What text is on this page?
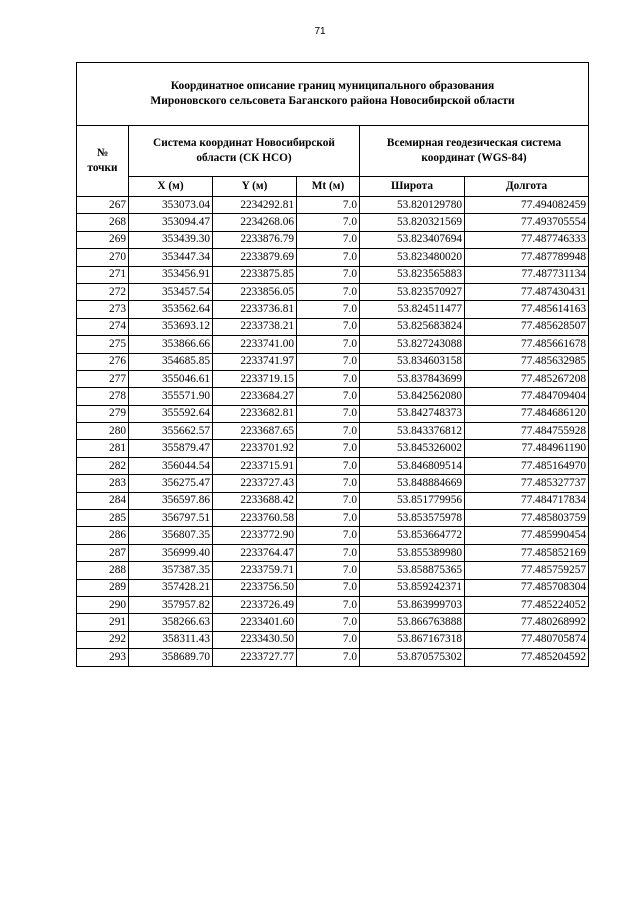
71
Координатное описание границ муниципального образования
Мироновского сельсовета Баганского района Новосибирской области					

№
точки	Система координат Новосибирской
области (СК НСО)			Всемирная геодезическая система
координат (WGS-84)	

	X (м)	Y (м)	Mt (м)	Широта	Долгота
267	353073.04	2234292.81	7.0	53.820129780	77.494082459
268	353094.47	2234268.06	7.0	53.820321569	77.493705554
269	353439.30	2233876.79	7.0	53.823407694	77.487746333
270	353447.34	2233879.69	7.0	53.823480020	77.487789948
271	353456.91	2233875.85	7.0	53.823565883	77.487731134
272	353457.54	2233856.05	7.0	53.823570927	77.487430431
273	353562.64	2233736.81	7.0	53.824511477	77.485614163
274	353693.12	2233738.21	7.0	53.825683824	77.485628507
275	353866.66	2233741.00	7.0	53.827243088	77.485661678
276	354685.85	2233741.97	7.0	53.834603158	77.485632985
277	355046.61	2233719.15	7.0	53.837843699	77.485267208
278	355571.90	2233684.27	7.0	53.842562080	77.484709404
279	355592.64	2233682.81	7.0	53.842748373	77.484686120
280	355662.57	2233687.65	7.0	53.843376812	77.484755928
281	355879.47	2233701.92	7.0	53.845326002	77.484961190
282	356044.54	2233715.91	7.0	53.846809514	77.485164970
283	356275.47	2233727.43	7.0	53.848884669	77.485327737
284	356597.86	2233688.42	7.0	53.851779956	77.484717834
285	356797.51	2233760.58	7.0	53.853575978	77.485803759
286	356807.35	2233772.90	7.0	53.853664772	77.485990454
287	356999.40	2233764.47	7.0	53.855389980	77.485852169
288	357387.35	2233759.71	7.0	53.858875365	77.485759257
289	357428.21	2233756.50	7.0	53.859242371	77.485708304
290	357957.82	2233726.49	7.0	53.863999703	77.485224052
291	358266.63	2233401.60	7.0	53.866763888	77.480268992
292	358311.43	2233430.50	7.0	53.867167318	77.480705874
293	358689.70	2233727.77	7.0	53.870575302	77.485204592
